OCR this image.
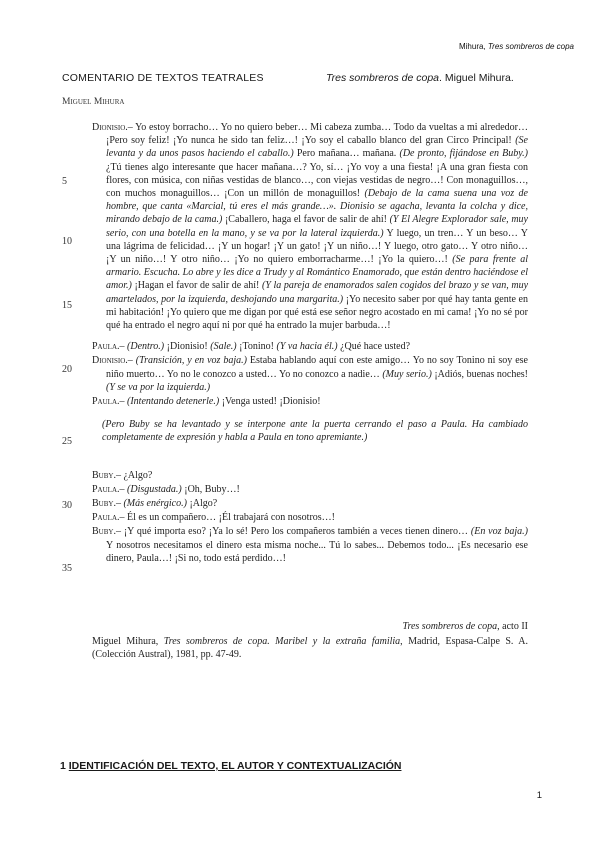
Mihura, Tres sombreros de copa
COMENTARIO DE TEXTOS TEATRALES	Tres sombreros de copa. Miguel Mihura.
Miguel Mihura
5
10
15
20
25
30
35

Dionisio.– Yo estoy borracho… Yo no quiero beber… Mi cabeza zumba… Todo da vueltas a mi alrededor… ¡Pero soy feliz! ¡Yo nunca he sido tan feliz…! ¡Yo soy el caballo blanco del gran Circo Principal! (Se levanta y da unos pasos haciendo el caballo.) Pero mañana… mañana. (De pronto, fijándose en Buby.) ¿Tú tienes algo interesante que hacer mañana…? Yo, sí… ¡Yo voy a una fiesta! ¡A una gran fiesta con flores, con música, con niñas vestidas de blanco…, con viejas vestidas de negro…! Con monaguillos…, con muchos monaguillos… ¡Con un millón de monaguillos! (Debajo de la cama suena una voz de hombre, que canta «Marcial, tú eres el más grande…». Dionisio se agacha, levanta la colcha y dice, mirando debajo de la cama.) ¡Caballero, haga el favor de salir de ahí! (Y El Alegre Explorador sale, muy serio, con una botella en la mano, y se va por la lateral izquierda.) Y luego, un tren… Y un beso… Y una lágrima de felicidad… ¡Y un hogar! ¡Y un gato! ¡Y un niño…! Y luego, otro gato… Y otro niño… ¡Y un niño…! Y otro niño… ¡Yo no quiero emborracharme…! ¡Yo la quiero…! (Se para frente al armario. Escucha. Lo abre y les dice a Trudy y al Romántico Enamorado, que están dentro haciéndose el amor.) ¡Hagan el favor de salir de ahí! (Y la pareja de enamorados salen cogidos del brazo y se van, muy amartelados, por la izquierda, deshojando una margarita.) ¡Yo necesito saber por qué hay tanta gente en mi habitación! ¡Yo quiero que me digan por qué está ese señor negro acostado en mi cama! ¡Yo no sé por qué ha entrado el negro aquí ni por qué ha entrado la mujer barbuda…!

Paula.– (Dentro.) ¡Dionisio! (Sale.) ¡Tonino! (Y va hacia él.) ¿Qué hace usted?

Dionisio.– (Transición, y en voz baja.) Estaba hablando aquí con este amigo… Yo no soy Tonino ni soy ese niño muerto… Yo no le conozco a usted… Yo no conozco a nadie… (Muy serio.) ¡Adiós, buenas noches! (Y se va por la izquierda.)

Paula.– (Intentando detenerle.) ¡Venga usted! ¡Dionisio!

(Pero Buby se ha levantado y se interpone ante la puerta cerrando el paso a Paula. Ha cambiado completamente de expresión y habla a Paula en tono apremiante.)

Buby.– ¿Algo?

Paula.– (Disgustada.) ¡Oh, Buby…!

Buby.– (Más enérgico.) ¡Algo?

Paula.– Él es un compañero… ¡Él trabajará con nosotros…!

Buby.– ¡Y qué importa eso? ¡Ya lo sé! Pero los compañeros también a veces tienen dinero… (En voz baja.) Y nosotros necesitamos el dinero esta misma noche... Tú lo sabes... Debemos todo... ¡Es necesario ese dinero, Paula…! ¡Si no, todo está perdido…!

Tres sombreros de copa, acto II
Miguel Mihura, Tres sombreros de copa. Maribel y la extraña familia, Madrid, Espasa-Calpe S. A. (Colección Austral), 1981, pp. 47-49.
1 IDENTIFICACIÓN DEL TEXTO, EL AUTOR Y CONTEXTUALIZACIÓN
1
